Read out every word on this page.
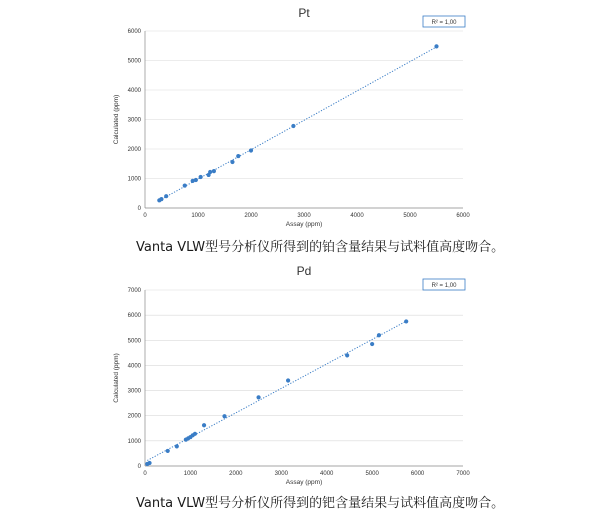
Pt
0
1000
2000
3000
4000
5000
6000
0	1000	2000	3000	4000	5000	6000
Assay (ppm)
Calculated (ppm)
R² = 1,00
Vanta VLW型号分析仪所得到的铂含量结果与试料值高度吻合。
Pd
0
1000
2000
3000
4000
5000
6000
7000
0	1000	2000	3000	4000	5000	6000	7000
Assay (ppm)
Calculated (ppm)
R² = 1,00
Vanta VLW型号分析仪所得到的钯含量结果与试料值高度吻合。
